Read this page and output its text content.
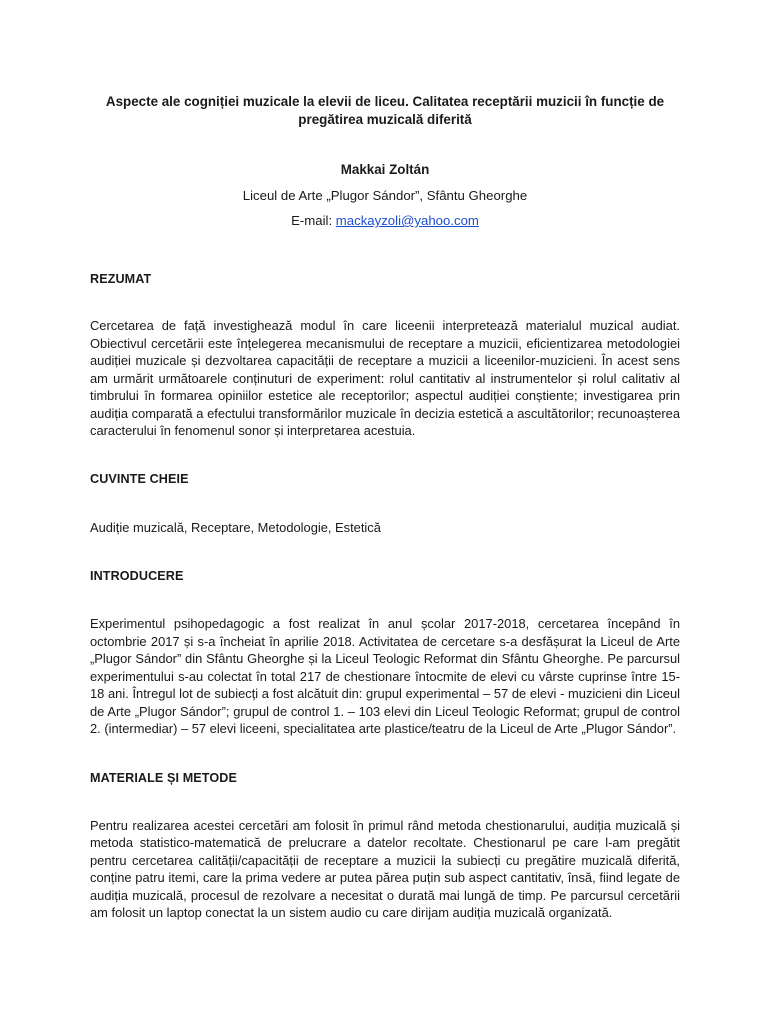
Aspecte ale cogniției muzicale la elevii de liceu. Calitatea receptării muzicii în funcție de pregătirea muzicală diferită
Makkai Zoltán
Liceul de Arte „Plugor Sándor”, Sfântu Gheorghe
E-mail: mackayzoli@yahoo.com
REZUMAT

Cercetarea de față investighează modul în care liceenii interpretează materialul muzical audiat. Obiectivul cercetării este înțelegerea mecanismului de receptare a muzicii, eficientizarea metodologiei audiției muzicale și dezvoltarea capacității de receptare a muzicii a liceenilor-muzicieni. În acest sens am urmărit următoarele conținuturi de experiment: rolul cantitativ al instrumentelor și rolul calitativ al timbrului în formarea opiniilor estetice ale receptorilor; aspectul audiției conștiente; investigarea prin audiția comparată a efectului transformărilor muzicale în decizia estetică a ascultătorilor; recunoașterea caracterului în fenomenul sonor și interpretarea acestuia.

CUVINTE CHEIE

Audiție muzicală, Receptare, Metodologie, Estetică

INTRODUCERE

Experimentul psihopedagogic a fost realizat în anul școlar 2017-2018, cercetarea începând în octombrie 2017 și s-a încheiat în aprilie 2018. Activitatea de cercetare s-a desfășurat la Liceul de Arte „Plugor Sándor” din Sfântu Gheorghe și la Liceul Teologic Reformat din Sfântu Gheorghe. Pe parcursul experimentului s-au colectat în total 217 de chestionare întocmite de elevi cu vârste cuprinse între 15-18 ani. Întregul lot de subiecți a fost alcătuit din: grupul experimental – 57 de elevi - muzicieni din Liceul de Arte „Plugor Sándor”; grupul de control 1. – 103 elevi din Liceul Teologic Reformat; grupul de control 2. (intermediar) – 57 elevi liceeni, specialitatea arte plastice/teatru de la Liceul de Arte „Plugor Sándor”.

MATERIALE ȘI METODE

Pentru realizarea acestei cercetări am folosit în primul rând metoda chestionarului, audiția muzicală și metoda statistico-matematică de prelucrare a datelor recoltate. Chestionarul pe care l-am pregătit pentru cercetarea calității/capacității de receptare a muzicii la subiecți cu pregătire muzicală diferită, conține patru itemi, care la prima vedere ar putea părea puțin sub aspect cantitativ, însă, fiind legate de audiția muzicală, procesul de rezolvare a necesitat o durată mai lungă de timp. Pe parcursul cercetării am folosit un laptop conectat la un sistem audio cu care dirijam audiția muzicală organizată.
